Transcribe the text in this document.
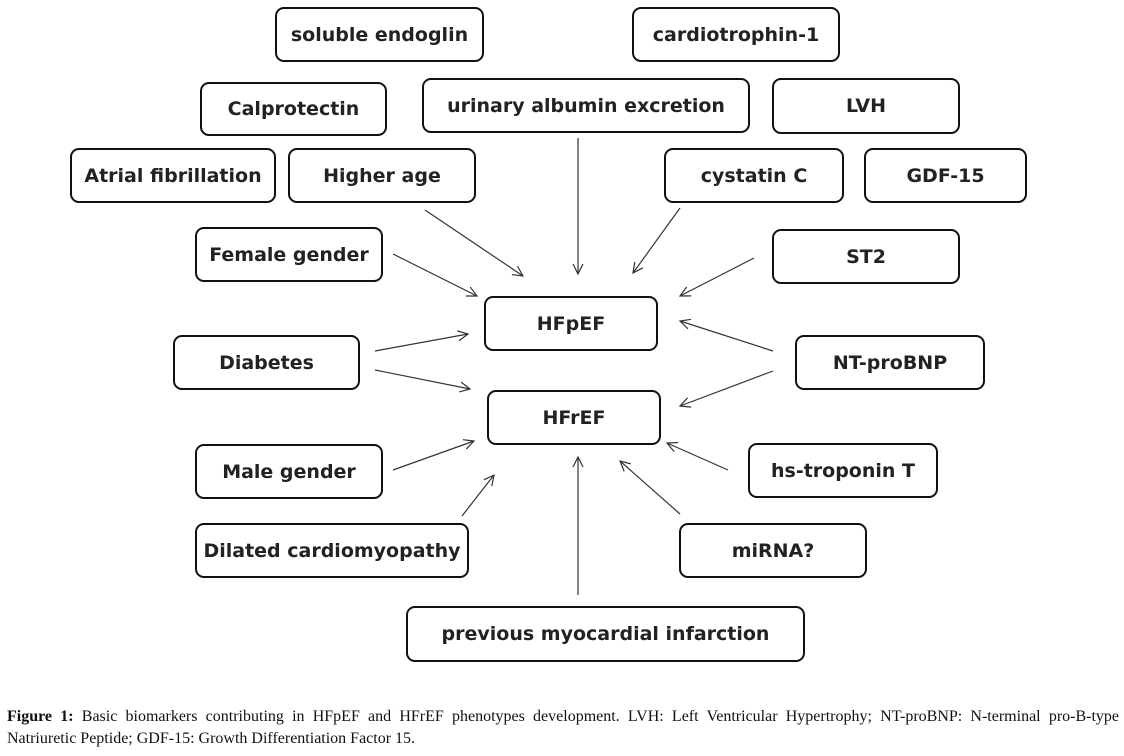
soluble endoglin	cardiotrophin-1
Calprotectin	urinary albumin excretion	LVH
Atrial fibrillation	Higher age	cystatin C	GDF-15
Female gender	ST2
HFpEF
Diabetes	NT-proBNP
HFrEF
Male gender	hs-troponin T
Dilated cardiomyopathy	miRNA?
previous myocardial infarction
Figure 1: Basic biomarkers contributing in HFpEF and HFrEF phenotypes development. LVH: Left Ventricular Hypertrophy; NT-proBNP: N-terminal pro-B-type Natriuretic Peptide; GDF-15: Growth Differentiation Factor 15.
